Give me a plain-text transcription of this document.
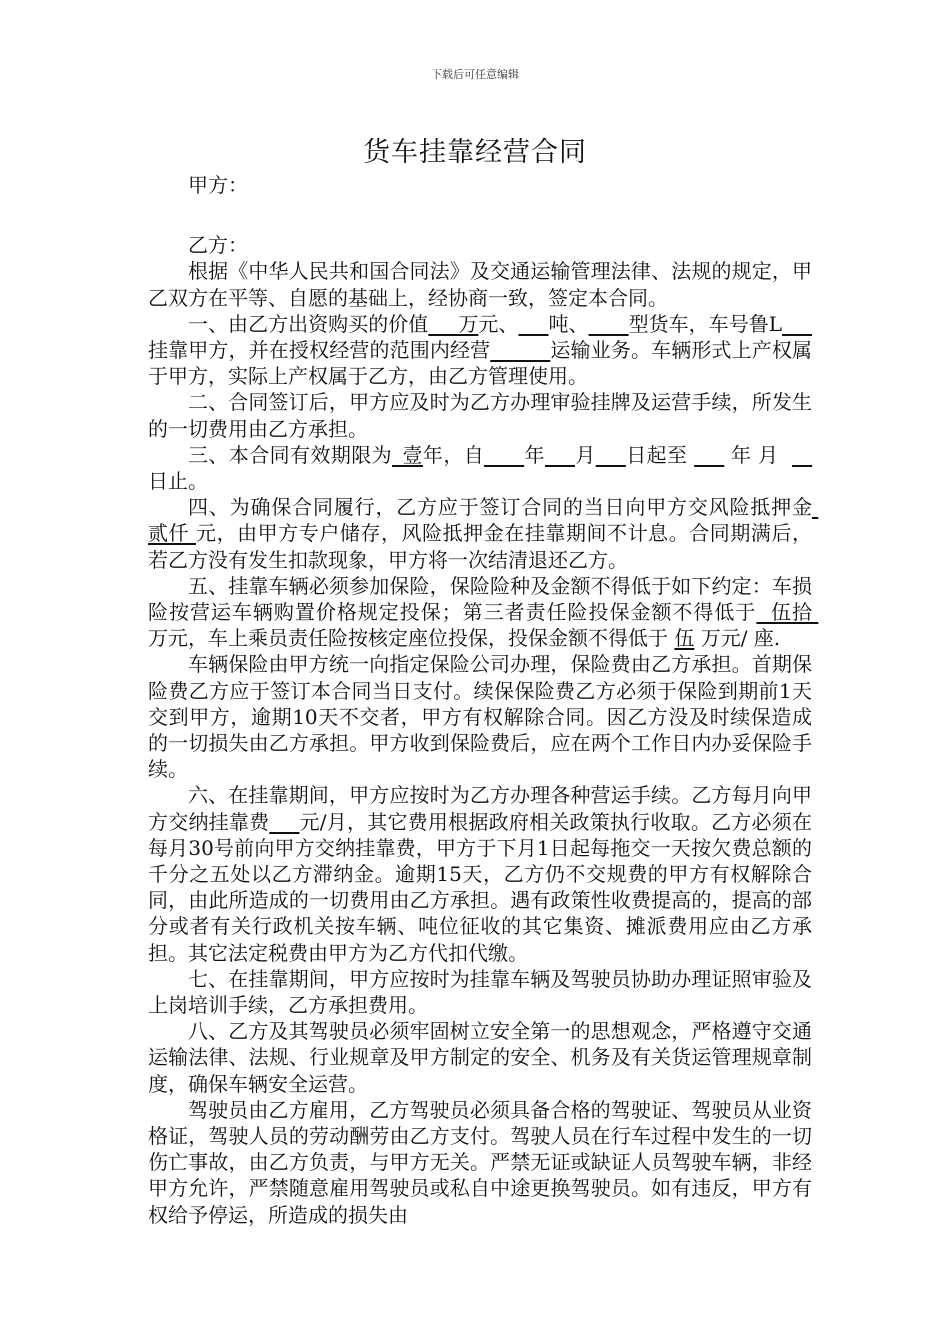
下载后可任意编辑
货车挂靠经营合同

甲方：

乙方：

根据《中华人民共和国合同法》及交通运输管理法律、法规的规定，甲乙双方在平等、自愿的基础上，经协商一致，签定本合同。

一、由乙方出资购买的价值___万元、___吨、____型货车，车号鲁L___挂靠甲方，并在授权经营的范围内经营______运输业务。车辆形式上产权属于甲方，实际上产权属于乙方，由乙方管理使用。

二、合同签订后，甲方应及时为乙方办理审验挂牌及运营手续，所发生的一切费用由乙方承担。

三、本合同有效期限为_壹年，自____年___月___日起至 ___ 年 月  __ 日止。

四、为确保合同履行，乙方应于签订合同的当日向甲方交风险抵押金 贰仟 元，由甲方专户储存，风险抵押金在挂靠期间不计息。合同期满后，若乙方没有发生扣款现象，甲方将一次结清退还乙方。

五、挂靠车辆必须参加保险，保险险种及金额不得低于如下约定：车损险按营运车辆购置价格规定投保；第三者责任险投保金额不得低于  伍拾  万元，车上乘员责任险按核定座位投保，投保金额不得低于 伍 万元/ 座.

车辆保险由甲方统一向指定保险公司办理，保险费由乙方承担。首期保险费乙方应于签订本合同当日支付。续保保险费乙方必须于保险到期前1天交到甲方，逾期10天不交者，甲方有权解除合同。因乙方没及时续保造成的一切损失由乙方承担。甲方收到保险费后，应在两个工作日内办妥保险手续。

六、在挂靠期间，甲方应按时为乙方办理各种营运手续。乙方每月向甲方交纳挂靠费___元/月，其它费用根据政府相关政策执行收取。乙方必须在每月30号前向甲方交纳挂靠费，甲方于下月1日起每拖交一天按欠费总额的千分之五处以乙方滞纳金。逾期15天，乙方仍不交规费的甲方有权解除合同，由此所造成的一切费用由乙方承担。遇有政策性收费提高的，提高的部分或者有关行政机关按车辆、吨位征收的其它集资、摊派费用应由乙方承担。其它法定税费由甲方为乙方代扣代缴。

七、在挂靠期间，甲方应按时为挂靠车辆及驾驶员协助办理证照审验及上岗培训手续，乙方承担费用。

八、乙方及其驾驶员必须牢固树立安全第一的思想观念，严格遵守交通运输法律、法规、行业规章及甲方制定的安全、机务及有关货运管理规章制度，确保车辆安全运营。

驾驶员由乙方雇用，乙方驾驶员必须具备合格的驾驶证、驾驶员从业资格证，驾驶人员的劳动酬劳由乙方支付。驾驶人员在行车过程中发生的一切伤亡事故，由乙方负责，与甲方无关。严禁无证或缺证人员驾驶车辆，非经甲方允许，严禁随意雇用驾驶员或私自中途更换驾驶员。如有违反，甲方有权给予停运，所造成的损失由
